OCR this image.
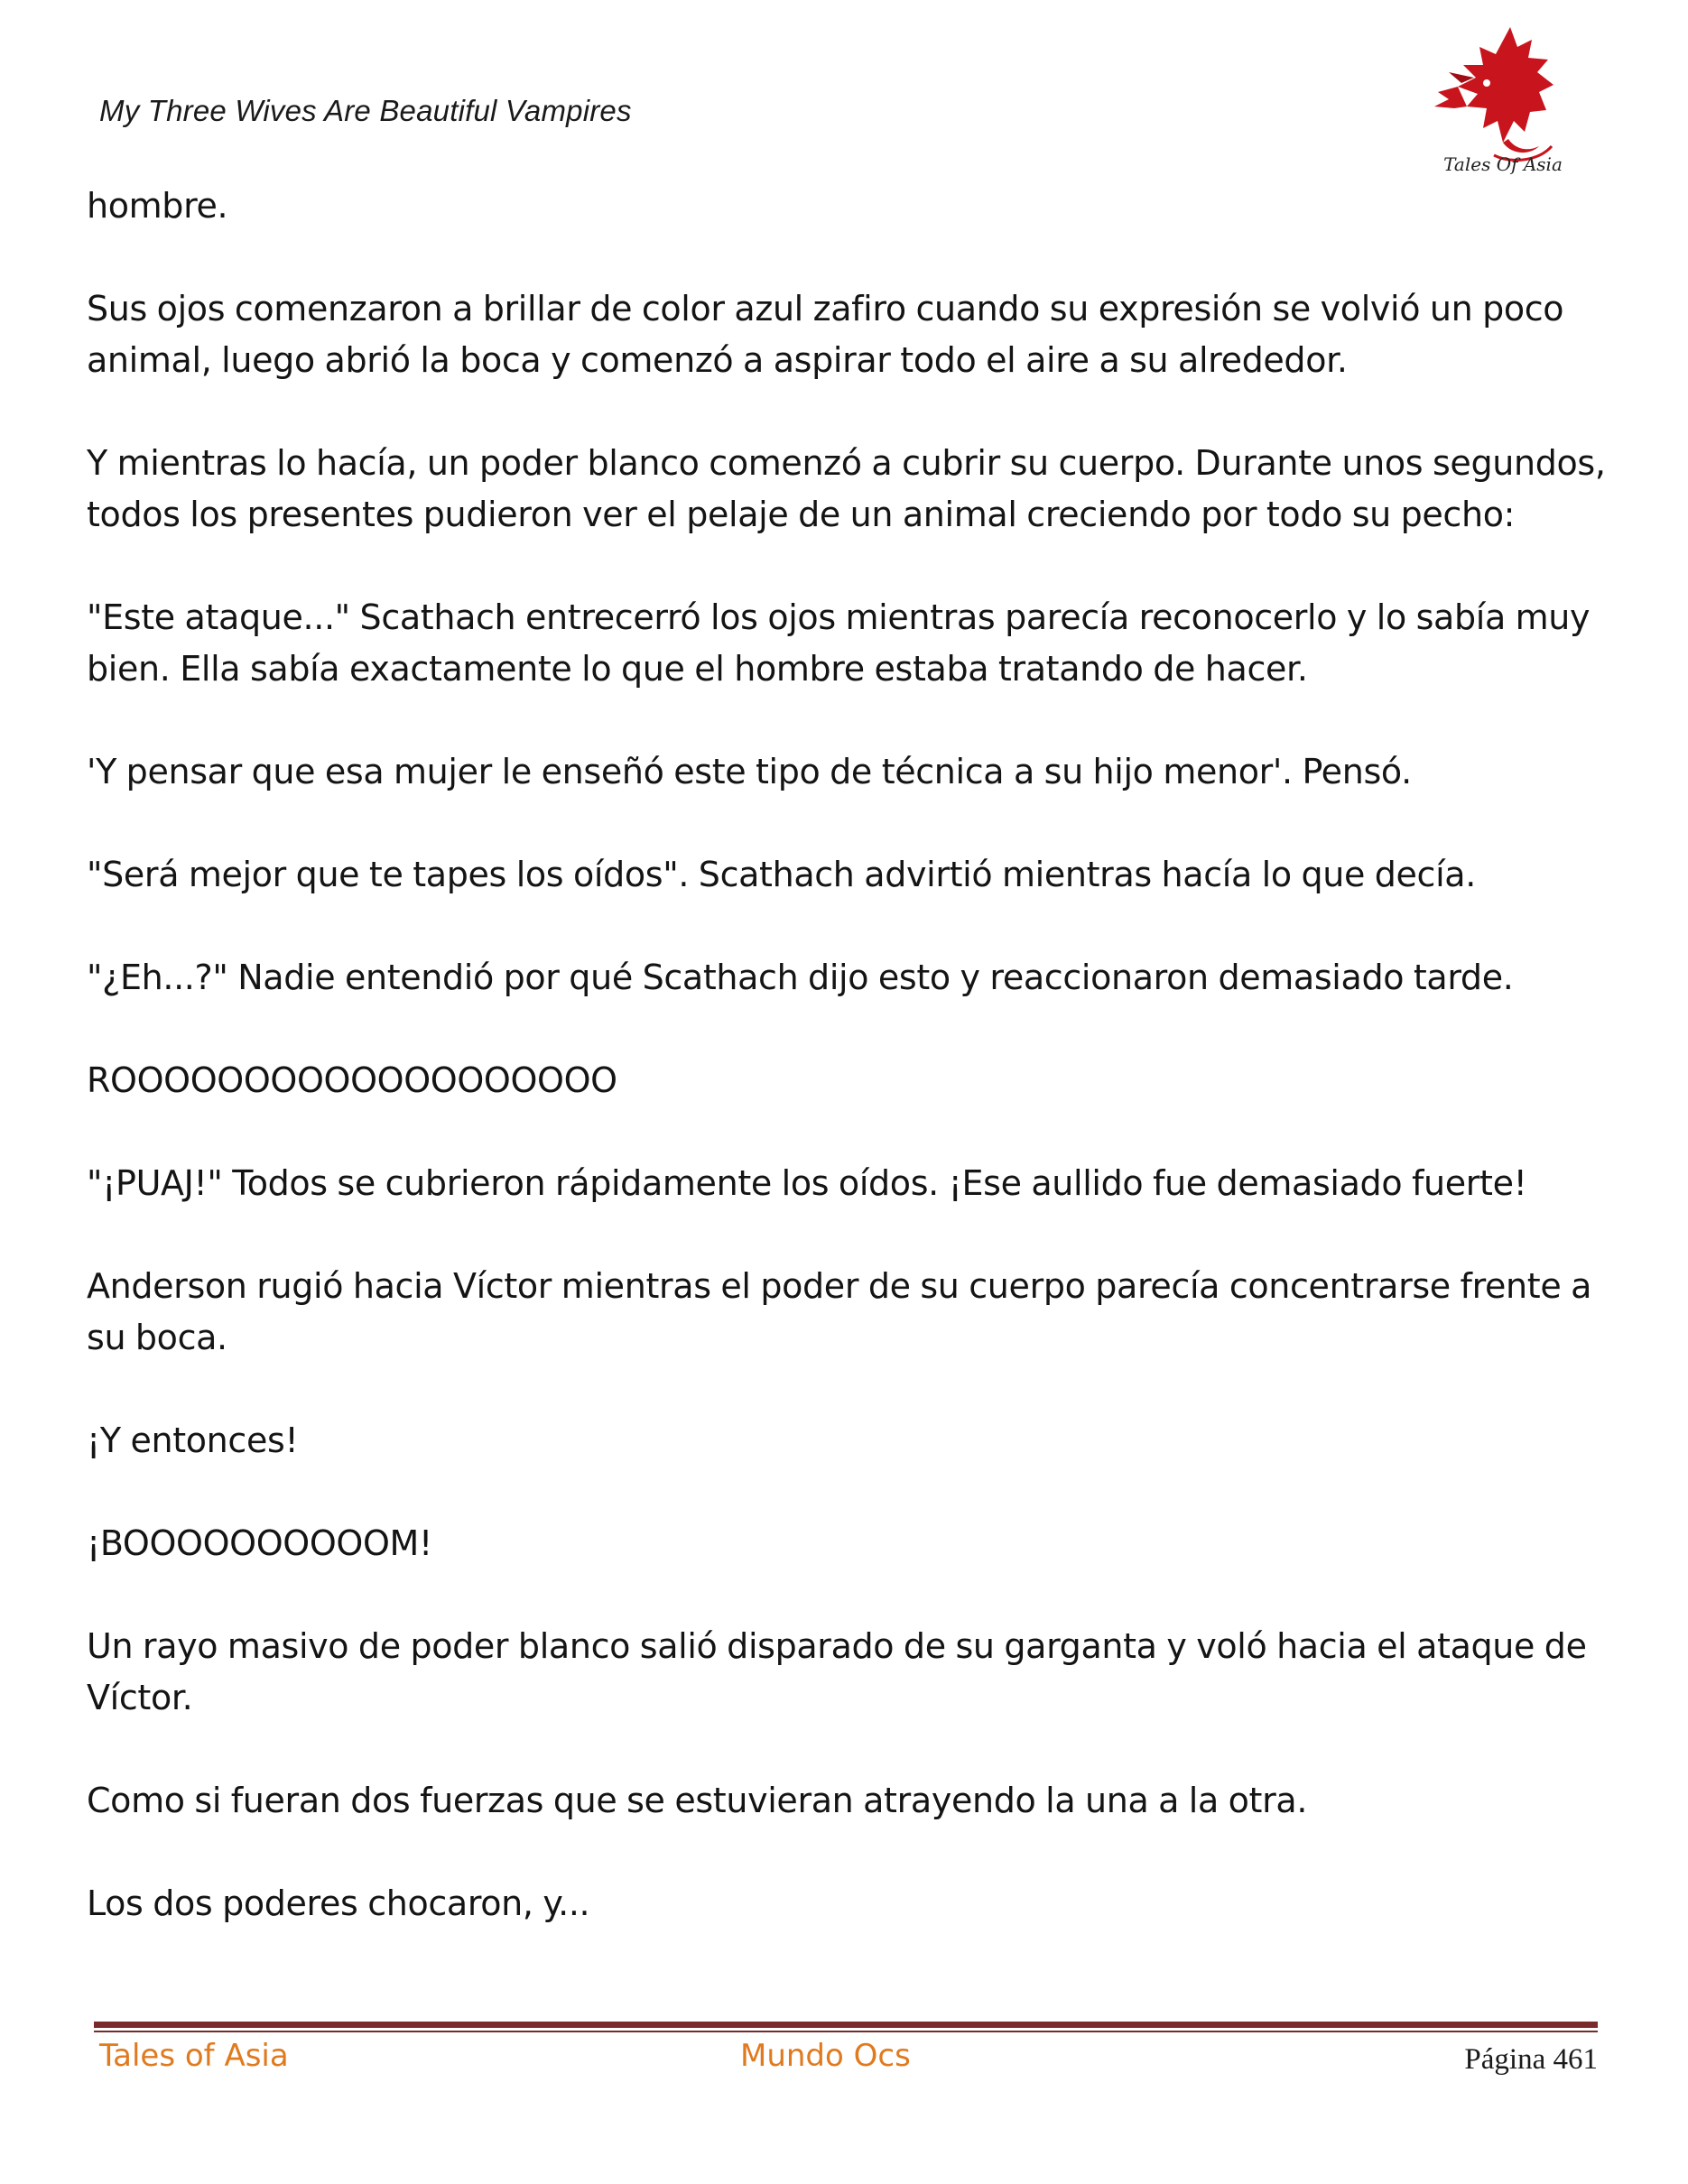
My Three Wives Are Beautiful Vampires
Tales Of Asia

hombre.

Sus ojos comenzaron a brillar de color azul zafiro cuando su expresión se volvió un poco animal, luego abrió la boca y comenzó a aspirar todo el aire a su alrededor.

Y mientras lo hacía, un poder blanco comenzó a cubrir su cuerpo. Durante unos segundos, todos los presentes pudieron ver el pelaje de un animal creciendo por todo su pecho:

"Este ataque..." Scathach entrecerró los ojos mientras parecía reconocerlo y lo sabía muy bien. Ella sabía exactamente lo que el hombre estaba tratando de hacer.

'Y pensar que esa mujer le enseñó este tipo de técnica a su hijo menor'. Pensó.

"Será mejor que te tapes los oídos". Scathach advirtió mientras hacía lo que decía.

"¿Eh...?" Nadie entendió por qué Scathach dijo esto y reaccionaron demasiado tarde.

ROOOOOOOOOOOOOOOOOOO

"¡PUAJ!" Todos se cubrieron rápidamente los oídos. ¡Ese aullido fue demasiado fuerte!

Anderson rugió hacia Víctor mientras el poder de su cuerpo parecía concentrarse frente a su boca.

¡Y entonces!

¡BOOOOOOOOOOM!

Un rayo masivo de poder blanco salió disparado de su garganta y voló hacia el ataque de Víctor.

Como si fueran dos fuerzas que se estuvieran atrayendo la una a la otra.

Los dos poderes chocaron, y...

Tales of Asia	Mundo Ocs	Página 461
